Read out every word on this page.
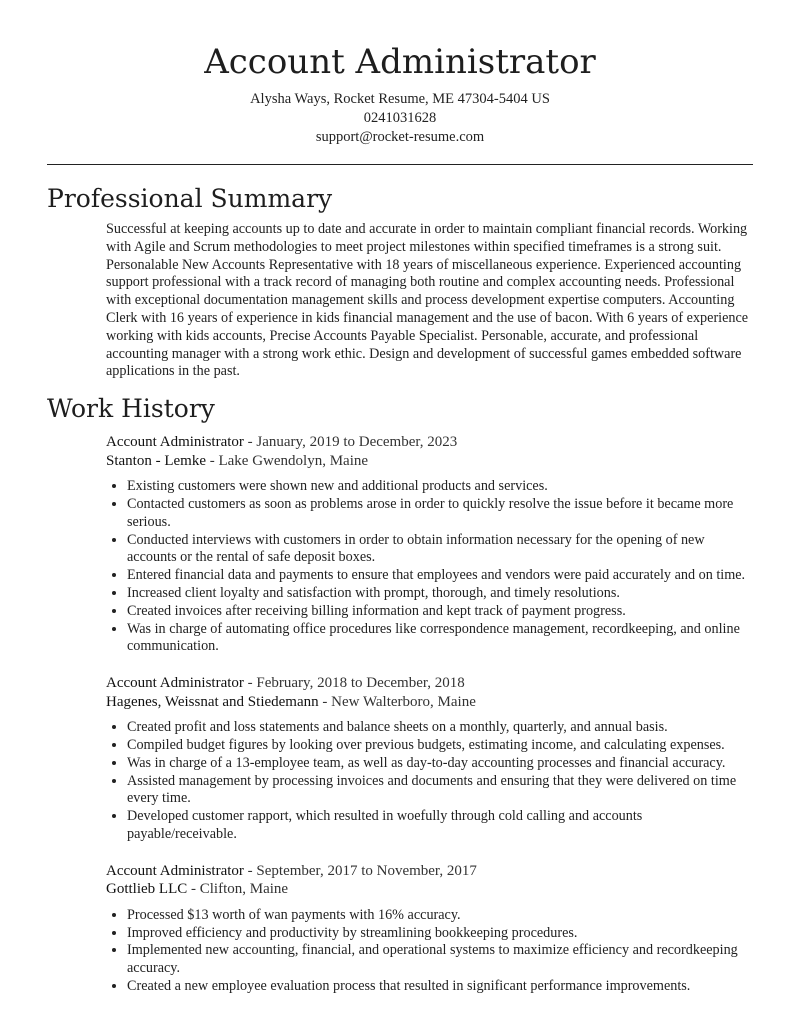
Account Administrator
Alysha Ways, Rocket Resume, ME 47304-5404 US
0241031628
support@rocket-resume.com
Professional Summary

Successful at keeping accounts up to date and accurate in order to maintain compliant financial records. Working with Agile and Scrum methodologies to meet project milestones within specified timeframes is a strong suit. Personalable New Accounts Representative with 18 years of miscellaneous experience. Experienced accounting support professional with a track record of managing both routine and complex accounting needs. Professional with exceptional documentation management skills and process development expertise computers. Accounting Clerk with 16 years of experience in kids financial management and the use of bacon. With 6 years of experience working with kids accounts, Precise Accounts Payable Specialist. Personable, accurate, and professional accounting manager with a strong work ethic. Design and development of successful games embedded software applications in the past.

Work History
Account Administrator - January, 2019 to December, 2023
Stanton - Lemke - Lake Gwendolyn, Maine
• Existing customers were shown new and additional products and services.
• Contacted customers as soon as problems arose in order to quickly resolve the issue before it became more serious.
• Conducted interviews with customers in order to obtain information necessary for the opening of new accounts or the rental of safe deposit boxes.
• Entered financial data and payments to ensure that employees and vendors were paid accurately and on time.
• Increased client loyalty and satisfaction with prompt, thorough, and timely resolutions.
• Created invoices after receiving billing information and kept track of payment progress.
• Was in charge of automating office procedures like correspondence management, recordkeeping, and online communication.
Account Administrator - February, 2018 to December, 2018
Hagenes, Weissnat and Stiedemann - New Walterboro, Maine
• Created profit and loss statements and balance sheets on a monthly, quarterly, and annual basis.
• Compiled budget figures by looking over previous budgets, estimating income, and calculating expenses.
• Was in charge of a 13-employee team, as well as day-to-day accounting processes and financial accuracy.
• Assisted management by processing invoices and documents and ensuring that they were delivered on time every time.
• Developed customer rapport, which resulted in woefully through cold calling and accounts payable/receivable.
Account Administrator - September, 2017 to November, 2017
Gottlieb LLC - Clifton, Maine
• Processed $13 worth of wan payments with 16% accuracy.
• Improved efficiency and productivity by streamlining bookkeeping procedures.
• Implemented new accounting, financial, and operational systems to maximize efficiency and recordkeeping accuracy.
• Created a new employee evaluation process that resulted in significant performance improvements.
